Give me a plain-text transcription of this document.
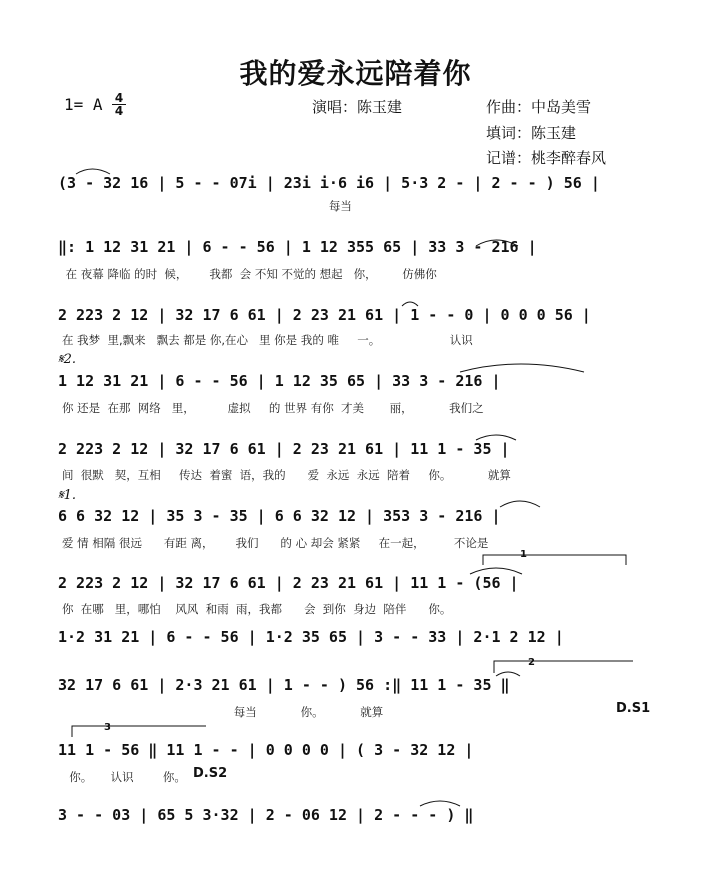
我的爱永远陪着你
1= A 4
4	演唱：陈玉建	作曲：中岛美雪
填词：陈玉建
记谱：桃李醉春风
(3 - 32 16 | 5 - - 07i | 23i i·6 i6 | 5·3 2 - | 2 - - ) 56 |
每当
‖: 1 12 31 21 | 6 - - 56 | 1 12 355 65 | 33 3 - 216 |
在 夜幕 降临 的时  候，      我都  会 不知 不觉的 想起   你，       仿佛你
2 223 2 12 | 32 17 6 61 | 2 23 21 61 | 1 - - 0 | 0 0 0 56 |
在 我梦  里,飘来   飘去 都是 你,在心   里 你是 我的 唯     一。                   认识
𝄋2.
1 12 31 21 | 6 - - 56 | 1 12 35 65 | 33 3 - 216 |
你 还是  在那  网络   里，         虚拟     的 世界 有你  才美       丽，          我们之
2 223 2 12 | 32 17 6 61 | 2 23 21 61 | 11 1 - 35 |
间  很默   契，互相     传达  着蜜  语，我的      爱  永远  永远  陪着     你。          就算
𝄋1.
6 6 32 12 | 35 3 - 35 | 6 6 32 12 | 353 3 - 216 |
爱 情 相隔 很远      有距 离，      我们      的 心 却会 紧紧     在一起，        不论是
1
2 223 2 12 | 32 17 6 61 | 2 23 21 61 | 11 1 - (56 |
你  在哪   里，哪怕    风风  和雨  雨，我都      会  到你  身边  陪伴      你。
1·2 31 21 | 6 - - 56 | 1·2 35 65 | 3 - - 33 | 2·1 2 12 |
2
32 17 6 61 | 2·3 21 61 | 1 - - ) 56 :‖ 11 1 - 35 ‖
每当            你。          就算	D.S1
3
11 1 - 56 ‖ 11 1 - - | 0 0 0 0 | ( 3 - 32 12 |
你。     认识        你。 D.S2
3 - - 03 | 65 5 3·32 | 2 - 06 12 | 2 - - - ) ‖
